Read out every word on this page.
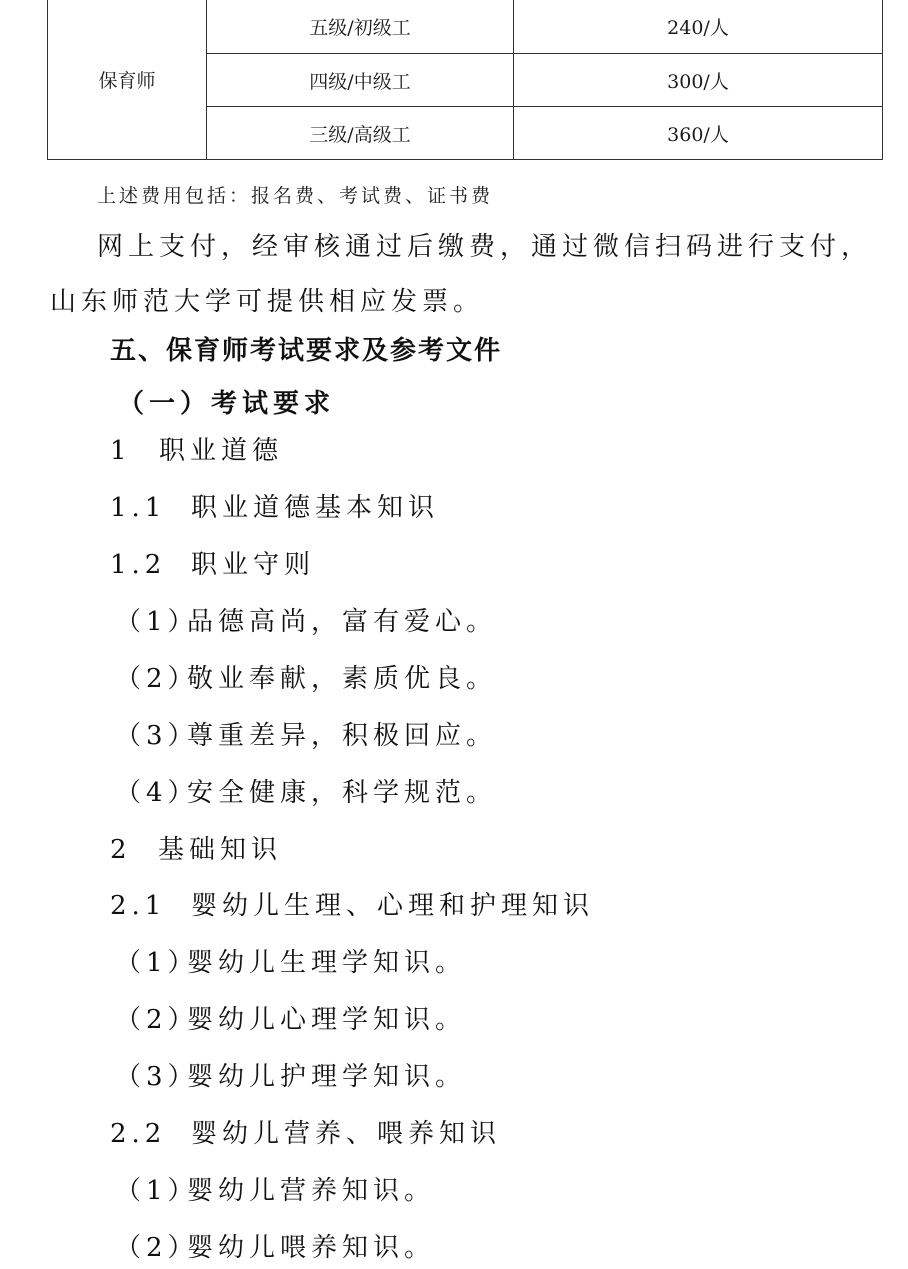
保育师	五级/初级工	240/人
	四级/中级工	300/人
	三级/高级工	360/人

上述费用包括：报名费、考试费、证书费

网上支付，经审核通过后缴费，通过微信扫码进行支付，

山东师范大学可提供相应发票。

五、保育师考试要求及参考文件

（一）考试要求

1 职业道德

1.1 职业道德基本知识

1.2 职业守则

（1）品德高尚，富有爱心。

（2）敬业奉献，素质优良。

（3）尊重差异，积极回应。

（4）安全健康，科学规范。

2 基础知识

2.1 婴幼儿生理、心理和护理知识

（1）婴幼儿生理学知识。

（2）婴幼儿心理学知识。

（3）婴幼儿护理学知识。

2.2 婴幼儿营养、喂养知识

（1）婴幼儿营养知识。

（2）婴幼儿喂养知识。
